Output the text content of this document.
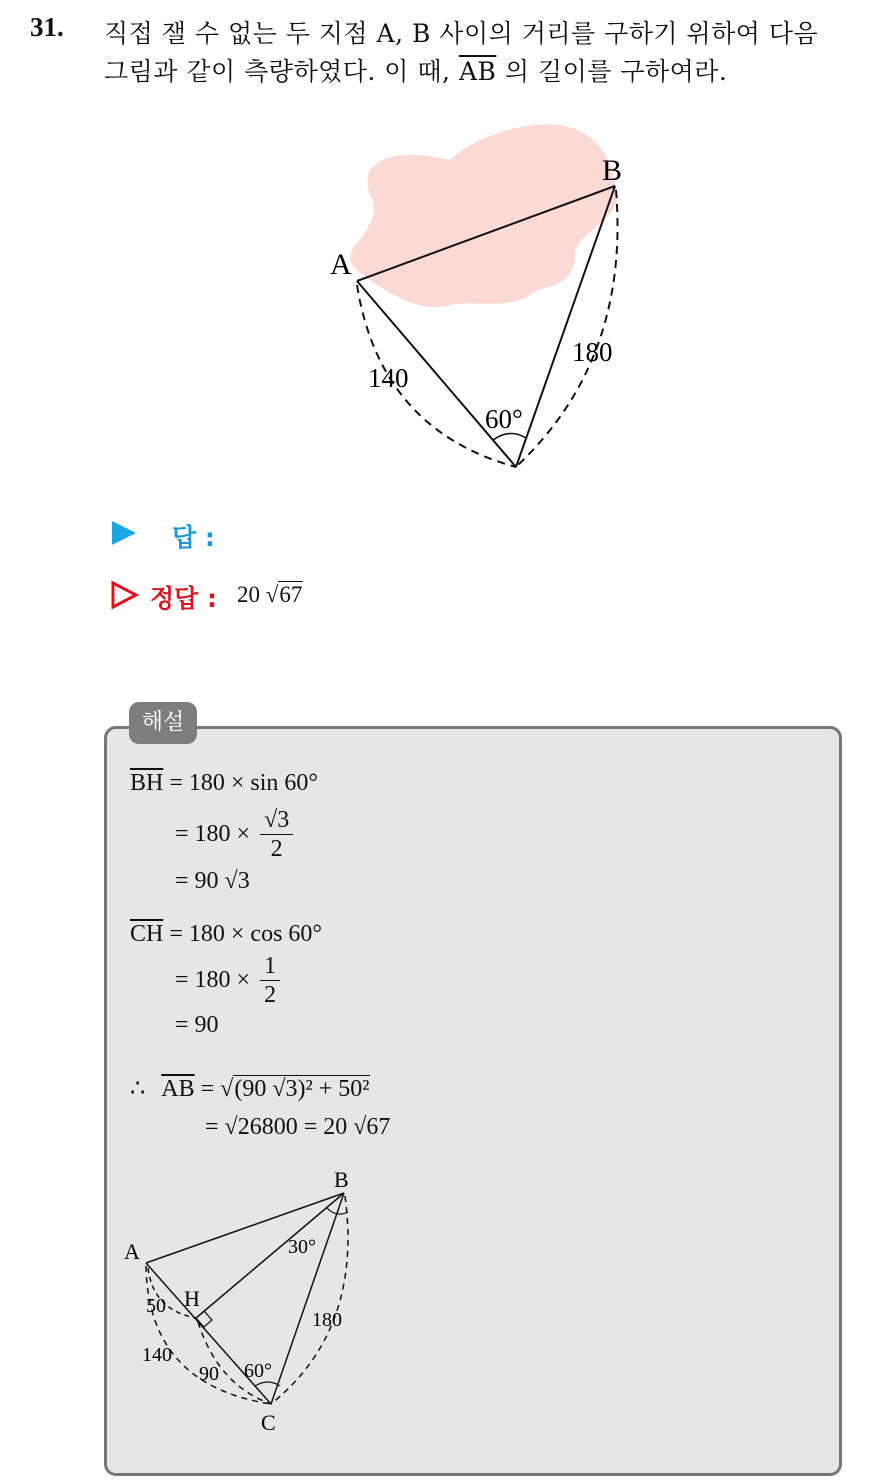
31. 직접 잴 수 없는 두 지점 A, B 사이의 거리를 구하기 위하여 다음
그림과 같이 측량하였다. 이 때, $\overline{AB}$ 의 길이를 구하여라.
A
B
140
180
60°
답 :
정답 : 20 √67
해설
$\overline{BH} = 180 \times \sin 60^\circ$
= $180 \times \frac{√3}{2}$
= 90 √3
$\overline{CH} = 180 \times \cos 60^\circ$
= $180 \times \frac{1}{2}$
= 90
∴ $\overline{AB} = √(90$ √3)² + 50²
= √26800 = 20 √67
A
B
C
H
50
140
90
180
30°
60°
